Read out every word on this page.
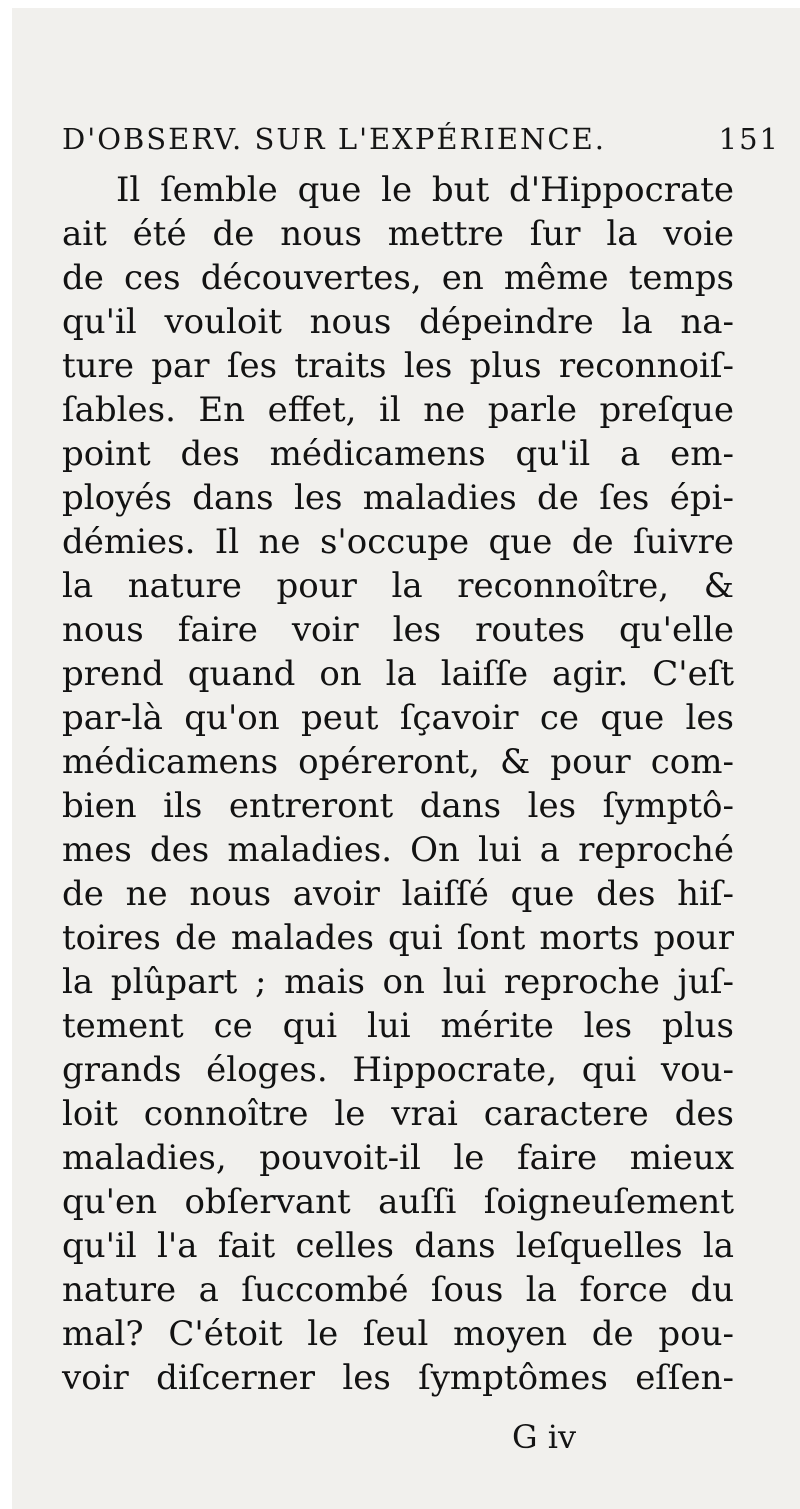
D'OBSERV. SUR L'EXPÉRIENCE.	151
Il ſemble que le but d'Hippocrate
ait été de nous mettre ſur la voie
de ces découvertes, en même temps
qu'il vouloit nous dépeindre la na-
ture par ſes traits les plus reconnoiſ-
ſables. En effet, il ne parle preſque
point des médicamens qu'il a em-
ployés dans les maladies de ſes épi-
démies. Il ne s'occupe que de ſuivre
la nature pour la reconnoître, &
nous faire voir les routes qu'elle
prend quand on la laiſſe agir. C'eſt
par-là qu'on peut ſçavoir ce que les
médicamens opéreront, & pour com-
bien ils entreront dans les ſymptô-
mes des maladies. On lui a reproché
de ne nous avoir laiſſé que des hiſ-
toires de malades qui ſont morts pour
la plûpart ; mais on lui reproche juſ-
tement ce qui lui mérite les plus
grands éloges. Hippocrate, qui vou-
loit connoître le vrai caractere des
maladies, pouvoit-il le faire mieux
qu'en obſervant auſſi ſoigneuſement
qu'il l'a fait celles dans leſquelles la
nature a ſuccombé ſous la force du
mal? C'étoit le ſeul moyen de pou-
voir diſcerner les ſymptômes eſſen-
G iv
